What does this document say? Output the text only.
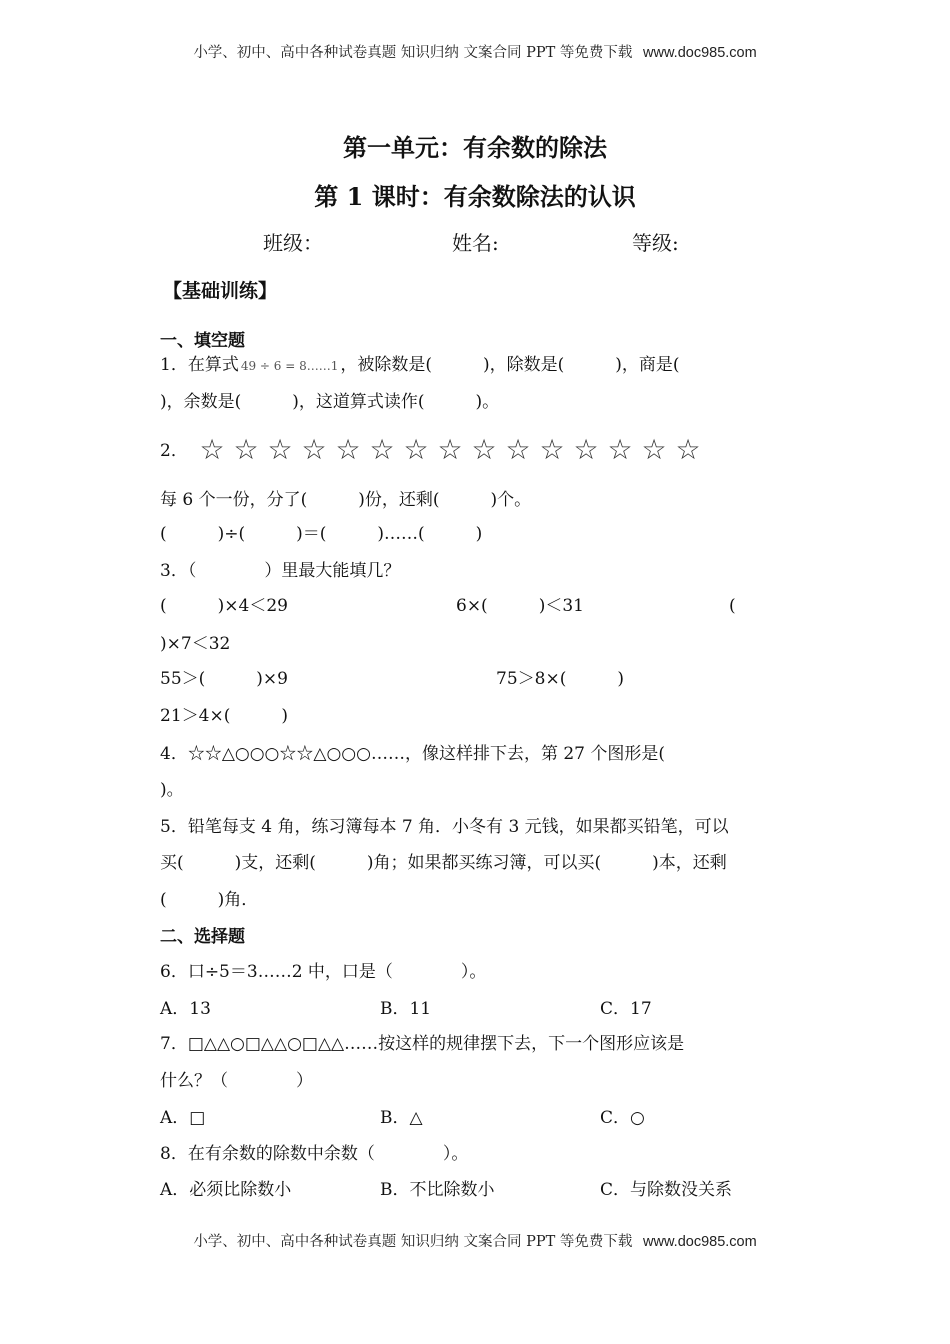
小学、初中、高中各种试卷真题 知识归纳 文案合同 PPT 等免费下载 www.doc985.com
第一单元：有余数的除法
第 1 课时：有余数除法的认识
班级：	姓名:	等级:
【基础训练】
一、填空题
1．在算式 49 ÷ 6 = 8……1 ，被除数是(　　　)，除数是(　　　)，商是(
)，余数是(　　　)，这道算式读作(　　　)。
2． ☆ ☆ ☆ ☆ ☆ ☆ ☆ ☆ ☆ ☆ ☆ ☆ ☆ ☆ ☆
每 6 个一份，分了(　　　)份，还剩(　　　)个。
(　　　)÷(　　　)＝(　　　)……(　　　)
3．（　　　　）里最大能填几？
(　　　)×4＜29	6×(　　　)＜31	(
)×7＜32
55＞(　　　)×9	75＞8×(　　　)
21＞4×(　　　)
4．☆☆△○○○☆☆△○○○……，像这样排下去，第 27 个图形是(
)。
5．铅笔每支 4 角，练习簿每本 7 角．小冬有 3 元钱，如果都买铅笔，可以
买(　　　)支，还剩(　　　)角；如果都买练习簿，可以买(　　　)本，还剩
(　　　)角．
二、选择题
6．口÷5＝3……2 中，口是（　　　　）。
A．13	B．11	C．17
7．□△△○□△△○□△△……按这样的规律摆下去，下一个图形应该是
什么？（　　　　）
A．□	B．△	C．○
8．在有余数的除数中余数（　　　　）。
A．必须比除数小	B．不比除数小	C．与除数没关系
小学、初中、高中各种试卷真题 知识归纳 文案合同 PPT 等免费下载 www.doc985.com
